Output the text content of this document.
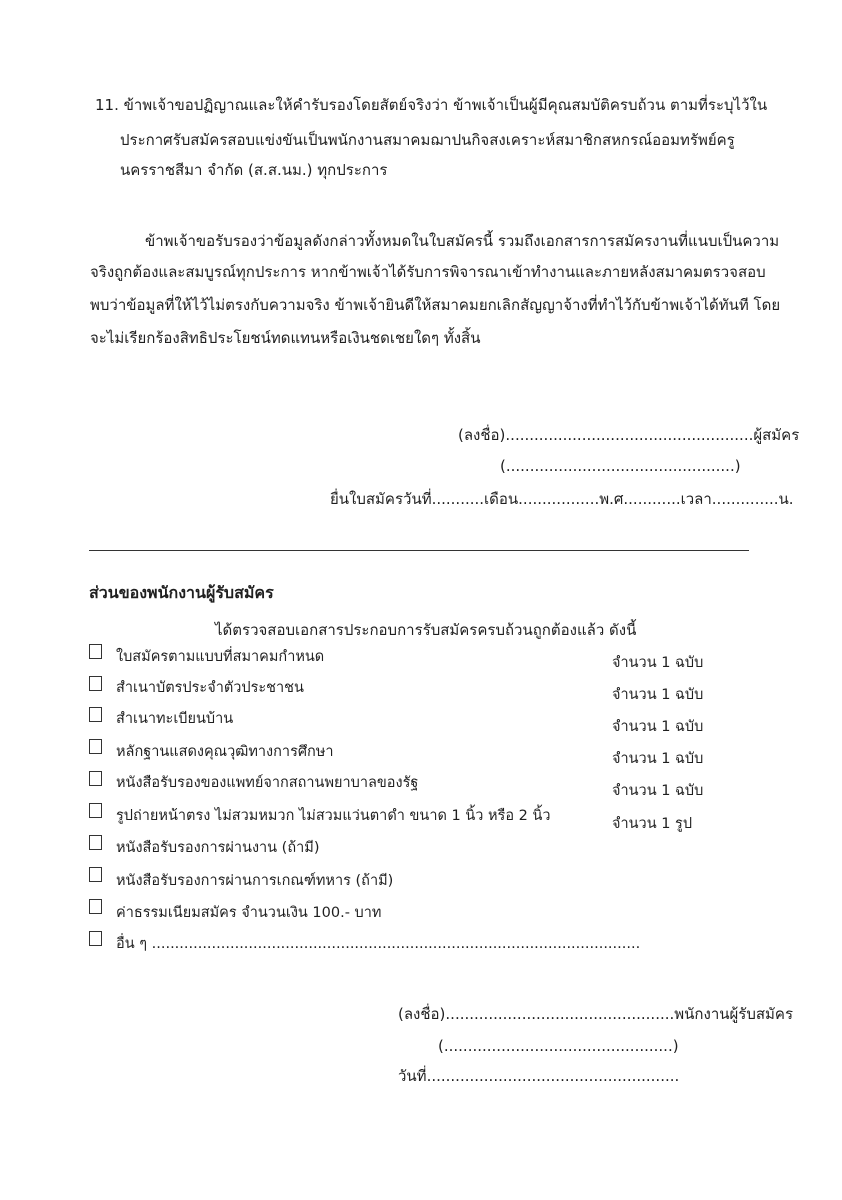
11. ข้าพเจ้าขอปฏิญาณและให้คำรับรองโดยสัตย์จริงว่า ข้าพเจ้าเป็นผู้มีคุณสมบัติครบถ้วน ตามที่ระบุไว้ใน
ประกาศรับสมัครสอบแข่งขันเป็นพนักงานสมาคมฌาปนกิจสงเคราะห์สมาชิกสหกรณ์ออมทรัพย์ครู
นครราชสีมา จำกัด (ส.ส.นม.) ทุกประการ
ข้าพเจ้าขอรับรองว่าข้อมูลดังกล่าวทั้งหมดในใบสมัครนี้ รวมถึงเอกสารการสมัครงานที่แนบเป็นความ
จริงถูกต้องและสมบูรณ์ทุกประการ หากข้าพเจ้าได้รับการพิจารณาเข้าทำงานและภายหลังสมาคมตรวจสอบ
พบว่าข้อมูลที่ให้ไว้ไม่ตรงกับความจริง ข้าพเจ้ายินดีให้สมาคมยกเลิกสัญญาจ้างที่ทำไว้กับข้าพเจ้าได้ทันที โดย
จะไม่เรียกร้องสิทธิประโยชน์ทดแทนหรือเงินชดเชยใดๆ ทั้งสิ้น
(ลงชื่อ)....................................................ผู้สมัคร
(................................................)
ยื่นใบสมัครวันที่...........เดือน.................พ.ศ............เวลา..............น.
ส่วนของพนักงานผู้รับสมัคร
ได้ตรวจสอบเอกสารประกอบการรับสมัครครบถ้วนถูกต้องแล้ว ดังนี้
ใบสมัครตามแบบที่สมาคมกำหนด	จำนวน 1 ฉบับ
สำเนาบัตรประจำตัวประชาชน	จำนวน 1 ฉบับ
สำเนาทะเบียนบ้าน	จำนวน 1 ฉบับ
หลักฐานแสดงคุณวุฒิทางการศึกษา	จำนวน 1 ฉบับ
หนังสือรับรองของแพทย์จากสถานพยาบาลของรัฐ	จำนวน 1 ฉบับ
รูปถ่ายหน้าตรง ไม่สวมหมวก ไม่สวมแว่นตาดำ ขนาด 1 นิ้ว หรือ 2 นิ้ว	จำนวน 1 รูป
หนังสือรับรองการผ่านงาน (ถ้ามี)
หนังสือรับรองการผ่านการเกณฑ์ทหาร (ถ้ามี)
ค่าธรรมเนียมสมัคร จำนวนเงิน 100.- บาท
อื่น ๆ ..........................................................................................................
(ลงชื่อ)................................................พนักงานผู้รับสมัคร
(................................................)
วันที่.....................................................
